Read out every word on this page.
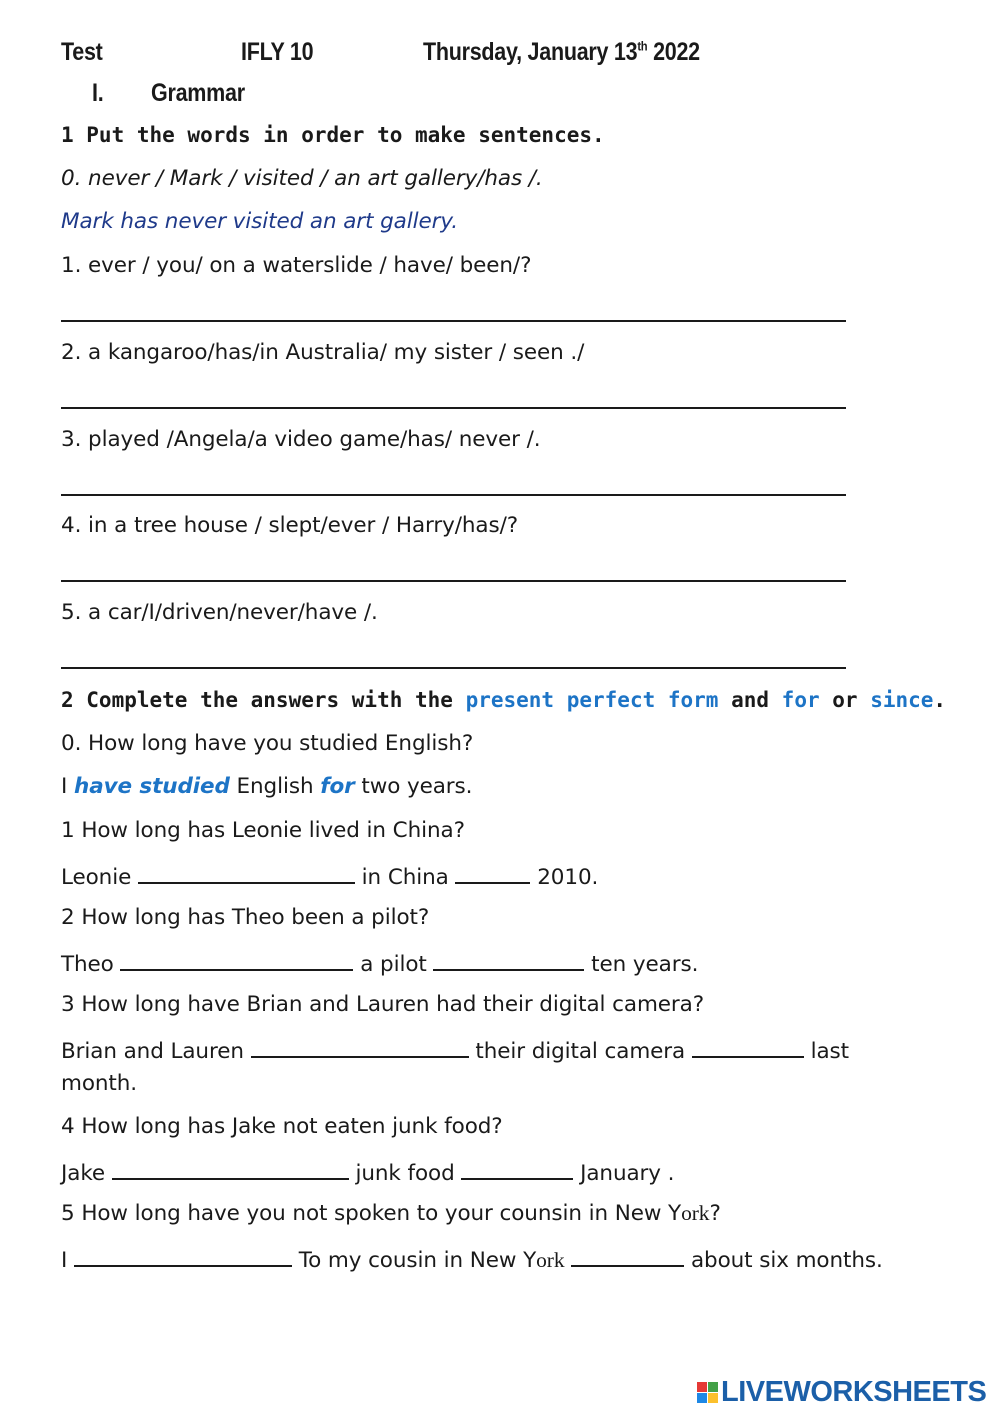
Test	IFLY 10	Thursday, January 13th 2022
I. Grammar
1 Put the words in order to make sentences.
0. never / Mark / visited / an art gallery/has /.
Mark has never visited an art gallery.
1. ever / you/ on a waterslide / have/ been/?
2. a kangaroo/has/in Australia/ my sister / seen ./
3. played /Angela/a video game/has/ never /.
4. in a tree house / slept/ever / Harry/has/?
5. a car/I/driven/never/have /.
2 Complete the answers with the present perfect form and for or since.
0. How long have you studied English?
I have studied English for two years.
1 How long has Leonie lived in China?
Leonie	in China	2010.
2 How long has Theo been a pilot?
Theo	a pilot	ten years.
3 How long have Brian and Lauren had their digital camera?
Brian and Lauren	their digital camera	last
month.
4 How long has Jake not eaten junk food?
Jake	junk food	January .
5 How long have you not spoken to your counsin in New York?
I	To my cousin in New York	about six months.
LIVEWORKSHEETS
